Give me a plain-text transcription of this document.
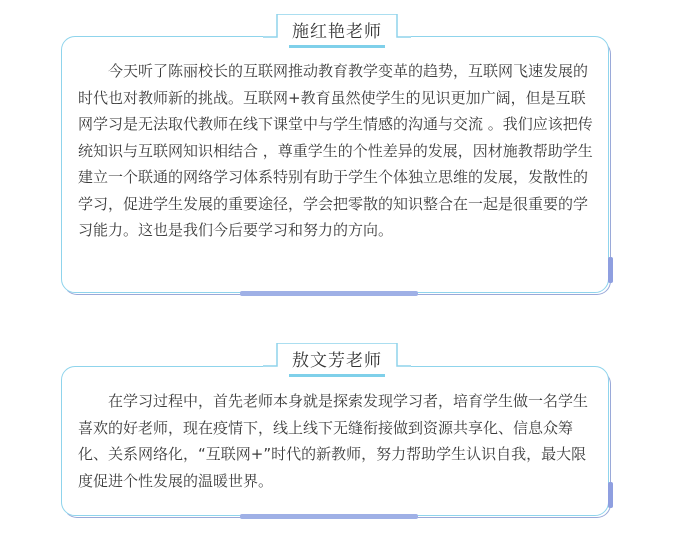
施红艳老师

今天听了陈丽校长的互联网推动教育教学变革的趋势，互联网飞速发展的时代也对教师新的挑战。互联网+教育虽然使学生的见识更加广阔，但是互联网学习是无法取代教师在线下课堂中与学生情感的沟通与交流 。我们应该把传统知识与互联网知识相结合 ，尊重学生的个性差异的发展，因材施教帮助学生建立一个联通的网络学习体系特别有助于学生个体独立思维的发展，发散性的学习，促进学生发展的重要途径，学会把零散的知识整合在一起是很重要的学习能力。这也是我们今后要学习和努力的方向。

敖文芳老师

在学习过程中，首先老师本身就是探索发现学习者，培育学生做一名学生喜欢的好老师，现在疫情下，线上线下无缝衔接做到资源共享化、信息众筹化、关系网络化，“互联网+”时代的新教师，努力帮助学生认识自我，最大限度促进个性发展的温暖世界。
